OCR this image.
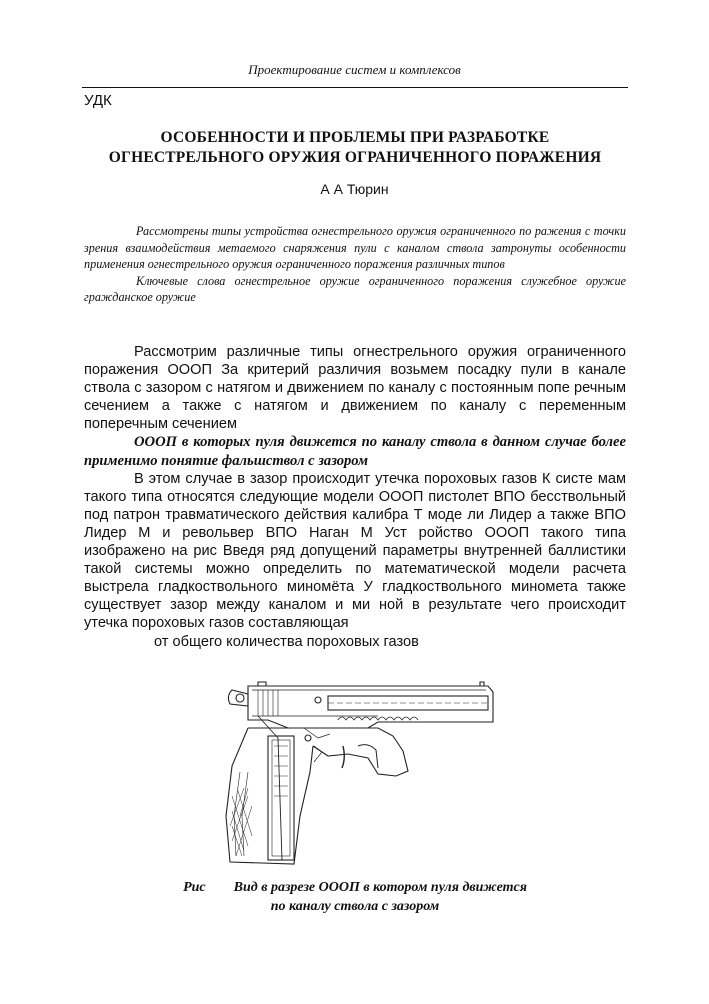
Проектирование систем и комплексов
УДК
ОСОБЕННОСТИ И ПРОБЛЕМЫ ПРИ РАЗРАБОТКЕ
ОГНЕСТРЕЛЬНОГО ОРУЖИЯ ОГРАНИЧЕННОГО ПОРАЖЕНИЯ
А А Тюрин

Рассмотрены типы устройства огнестрельного оружия ограниченного по ражения с точки зрения взаимодействия метаемого снаряжения пули с каналом ствола затронуты особенности применения огнестрельного оружия ограниченного поражения различных типов

Ключевые слова огнестрельное оружие ограниченного поражения служебное оружие гражданское оружие

Рассмотрим различные типы огнестрельного оружия ограниченного поражения ОООП За критерий различия возьмем посадку пули в канале ствола с зазором с натягом и движением по каналу с постоянным попе речным сечением а также с натягом и движением по каналу с переменным поперечным сечением

ОООП в которых пуля движется по каналу ствола в данном случае более применимо понятие фальшствол с зазором

В этом случае в зазор происходит утечка пороховых газов К систе мам такого типа относятся следующие модели ОООП пистолет ВПО бесствольный под патрон травматического действия калибра Т моде ли Лидер а также ВПО Лидер М и револьвер ВПО Наган М Уст ройство ОООП такого типа изображено на рис Введя ряд допущений параметры внутренней баллистики такой системы можно определить по математической модели расчета выстрела гладкоствольного миномёта У гладкоствольного миномета также существует зазор между каналом и ми ной в результате чего происходит утечка пороховых газов составляющая

от общего количества пороховых газов

Рис Вид в разрезе ОООП в котором пуля движется
по каналу ствола с зазором
